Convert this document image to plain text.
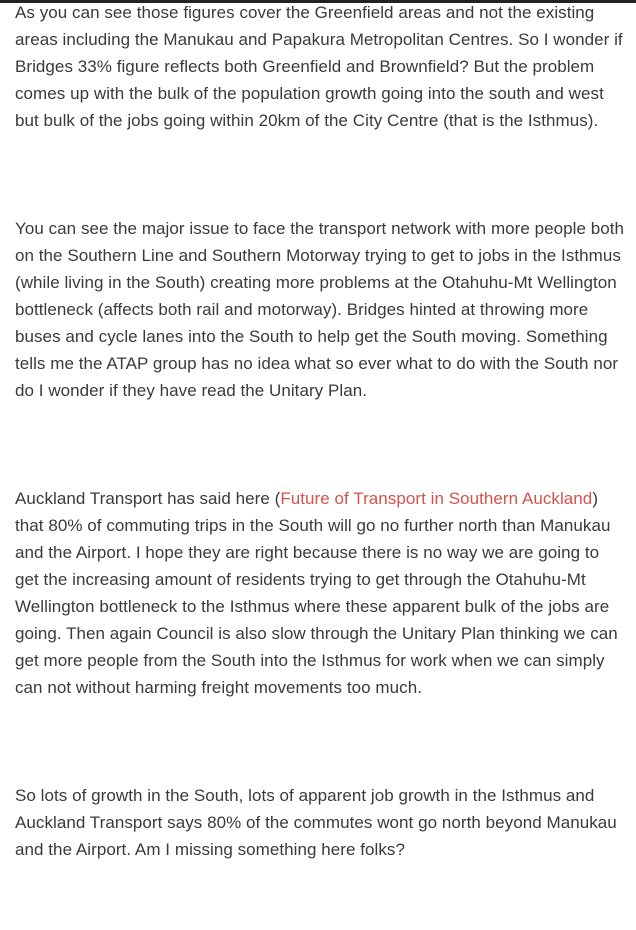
As you can see those figures cover the Greenfield areas and not the existing areas including the Manukau and Papakura Metropolitan Centres. So I wonder if Bridges 33% figure reflects both Greenfield and Brownfield? But the problem comes up with the bulk of the population growth going into the south and west but bulk of the jobs going within 20km of the City Centre (that is the Isthmus).

You can see the major issue to face the transport network with more people both on the Southern Line and Southern Motorway trying to get to jobs in the Isthmus (while living in the South) creating more problems at the Otahuhu-Mt Wellington bottleneck (affects both rail and motorway). Bridges hinted at throwing more buses and cycle lanes into the South to help get the South moving. Something tells me the ATAP group has no idea what so ever what to do with the South nor do I wonder if they have read the Unitary Plan.

Auckland Transport has said here (Future of Transport in Southern Auckland) that 80% of commuting trips in the South will go no further north than Manukau and the Airport. I hope they are right because there is no way we are going to get the increasing amount of residents trying to get through the Otahuhu-Mt Wellington bottleneck to the Isthmus where these apparent bulk of the jobs are going. Then again Council is also slow through the Unitary Plan thinking we can get more people from the South into the Isthmus for work when we can simply can not without harming freight movements too much.

So lots of growth in the South, lots of apparent job growth in the Isthmus and Auckland Transport says 80% of the commutes wont go north beyond Manukau and the Airport. Am I missing something here folks?
